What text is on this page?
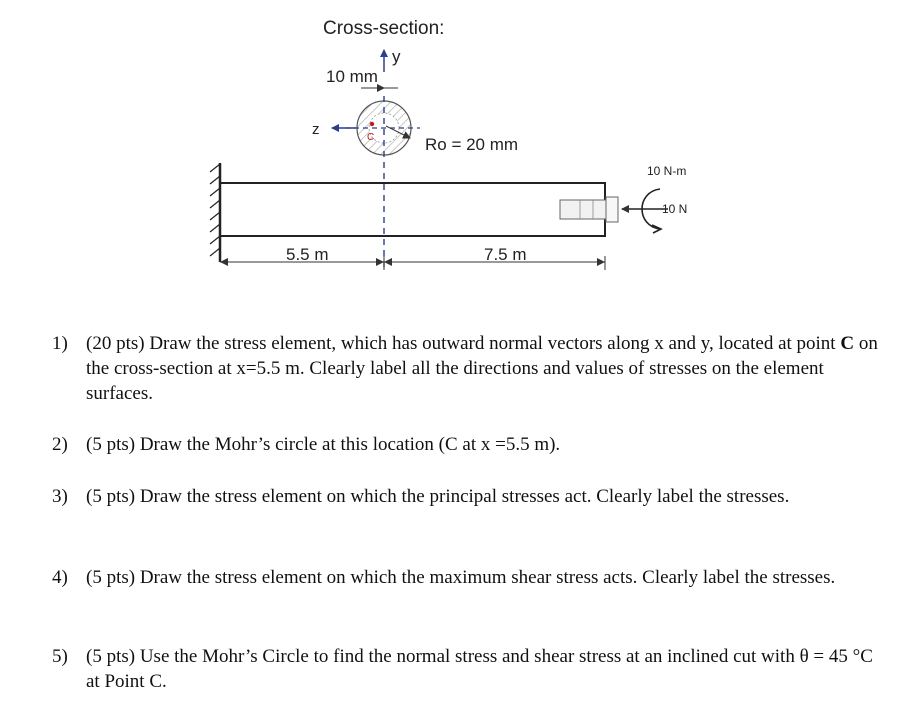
Cross-section:
y
10 mm
z	C	Ro = 20 mm
10 N
10 N-m
5.5 m	7.5 m
1) (20 pts) Draw the stress element, which has outward normal vectors along x and y, located at point C on the cross-section at x=5.5 m. Clearly label all the directions and values of stresses on the element surfaces.
2) (5 pts) Draw the Mohr’s circle at this location (C at x =5.5 m).
3) (5 pts) Draw the stress element on which the principal stresses act. Clearly label the stresses.
4) (5 pts) Draw the stress element on which the maximum shear stress acts. Clearly label the stresses.
5) (5 pts) Use the Mohr’s Circle to find the normal stress and shear stress at an inclined cut with θ = 45 °C at Point C.
